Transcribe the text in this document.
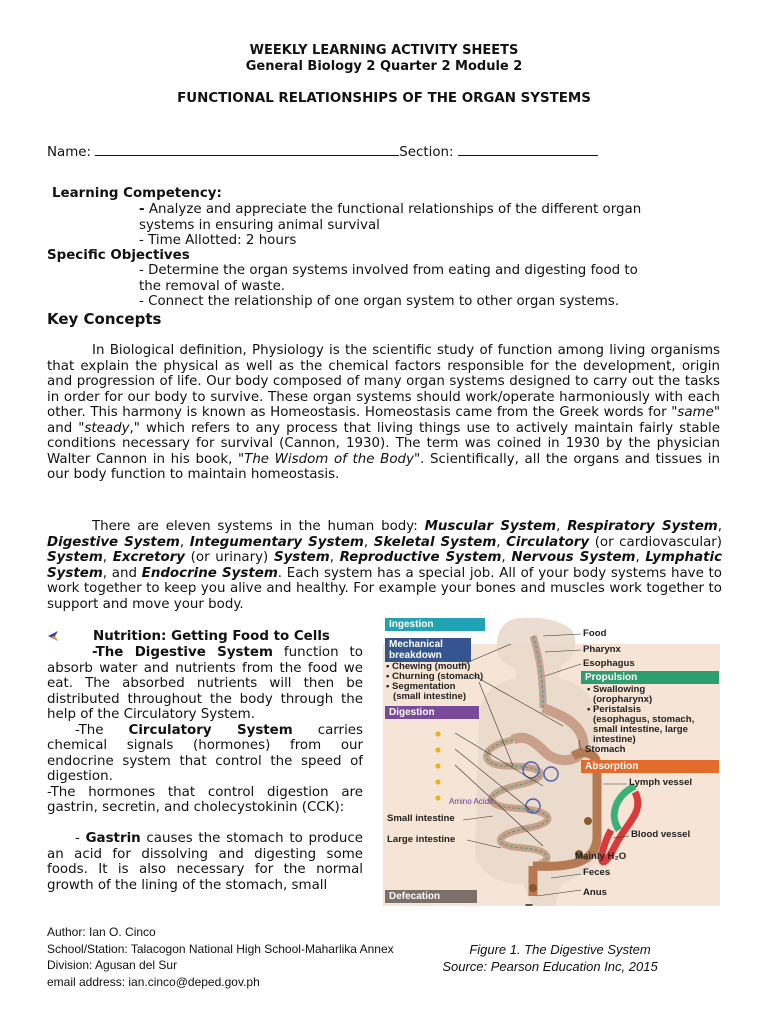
WEEKLY LEARNING ACTIVITY SHEETS
General Biology 2 Quarter 2 Module 2
FUNCTIONAL RELATIONSHIPS OF THE ORGAN SYSTEMS
Name:	Section:
Learning Competency:
- Analyze and appreciate the functional relationships of the different organ
systems in ensuring animal survival
- Time Allotted: 2 hours
Specific Objectives
- Determine the organ systems involved from eating and digesting food to
the removal of waste.
- Connect the relationship of one organ system to other organ systems.
Key Concepts
In Biological definition, Physiology is the scientific study of function among living organisms that explain the physical as well as the chemical factors responsible for the development, origin and progression of life. Our body composed of many organ systems designed to carry out the tasks in order for our body to survive. These organ systems should work/operate harmoniously with each other. This harmony is known as Homeostasis. Homeostasis came from the Greek words for "same" and "steady," which refers to any process that living things use to actively maintain fairly stable conditions necessary for survival (Cannon, 1930). The term was coined in 1930 by the physician Walter Cannon in his book, "The Wisdom of the Body". Scientifically, all the organs and tissues in our body function to maintain homeostasis.
There are eleven systems in the human body: Muscular System, Respiratory System, Digestive System, Integumentary System, Skeletal System, Circulatory (or cardiovascular) System, Excretory (or urinary) System, Reproductive System, Nervous System, Lymphatic System, and Endocrine System. Each system has a special job. All of your body systems have to work together to keep you alive and healthy. For example your bones and muscles work together to support and move your body.
Nutrition: Getting Food to Cells
-The Digestive System function to absorb water and nutrients from the food we eat. The absorbed nutrients will then be distributed throughout the body through the help of the Circulatory System.
-The Circulatory System carries chemical signals (hormones) from our endocrine system that control the speed of digestion.
-The hormones that control digestion are gastrin, secretin, and cholecystokinin (CCK):
- Gastrin causes the stomach to produce an acid for dissolving and digesting some foods. It is also necessary for the normal growth of the lining of the stomach, small
Ingestion
Mechanical
breakdown
• Chewing (mouth)
• Churning (stomach)
• Segmentation
(small intestine)
Digestion
Amino Acids
Small intestine
Large intestine
Defecation
Food
Pharynx
Esophagus
Propulsion
• Swallowing
(oropharynx)
• Peristalsis
(esophagus, stomach,
small intestine, large
intestine)
Stomach
Absorption
Lymph vessel
Blood vessel
Mainly H₂O
Feces
Anus
Figure 1. The Digestive System
Source: Pearson Education Inc, 2015
Author: Ian O. Cinco
School/Station: Talacogon National High School-Maharlika Annex
Division: Agusan del Sur
email address: ian.cinco@deped.gov.ph
